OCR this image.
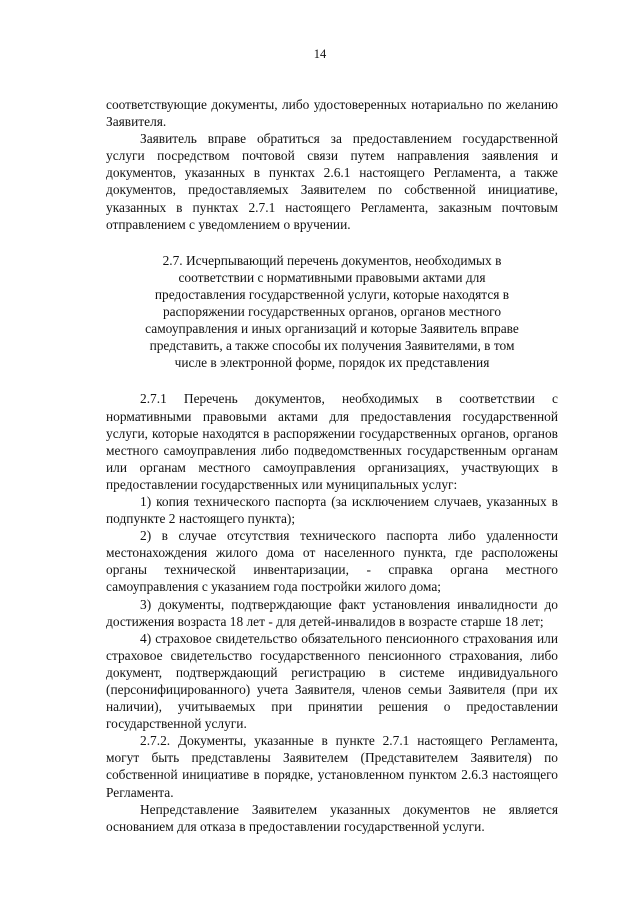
14

соответствующие документы, либо удостоверенных нотариально по желанию Заявителя.

Заявитель вправе обратиться за предоставлением государственной услуги посредством почтовой связи путем направления заявления и документов, указанных в пунктах 2.6.1 настоящего Регламента, а также документов, предоставляемых Заявителем по собственной инициативе, указанных в пунктах 2.7.1 настоящего Регламента, заказным почтовым отправлением с уведомлением о вручении.

2.7. Исчерпывающий перечень документов, необходимых в соответствии с нормативными правовыми актами для предоставления государственной услуги, которые находятся в распоряжении государственных органов, органов местного самоуправления и иных организаций и которые Заявитель вправе представить, а также способы их получения Заявителями, в том числе в электронной форме, порядок их представления

2.7.1 Перечень документов, необходимых в соответствии с нормативными правовыми актами для предоставления государственной услуги, которые находятся в распоряжении государственных органов, органов местного самоуправления либо подведомственных государственным органам или органам местного самоуправления организациях, участвующих в предоставлении государственных или муниципальных услуг:

1) копия технического паспорта (за исключением случаев, указанных в подпункте 2 настоящего пункта);

2) в случае отсутствия технического паспорта либо удаленности местонахождения жилого дома от населенного пункта, где расположены органы технической инвентаризации, - справка органа местного самоуправления с указанием года постройки жилого дома;

3) документы, подтверждающие факт установления инвалидности до достижения возраста 18 лет - для детей-инвалидов в возрасте старше 18 лет;

4) страховое свидетельство обязательного пенсионного страхования или страховое свидетельство государственного пенсионного страхования, либо документ, подтверждающий регистрацию в системе индивидуального (персонифицированного) учета Заявителя, членов семьи Заявителя (при их наличии), учитываемых при принятии решения о предоставлении государственной услуги.

2.7.2. Документы, указанные в пункте 2.7.1 настоящего Регламента, могут быть представлены Заявителем (Представителем Заявителя) по собственной инициативе в порядке, установленном пунктом 2.6.3 настоящего Регламента.

Непредставление Заявителем указанных документов не является основанием для отказа в предоставлении государственной услуги.
